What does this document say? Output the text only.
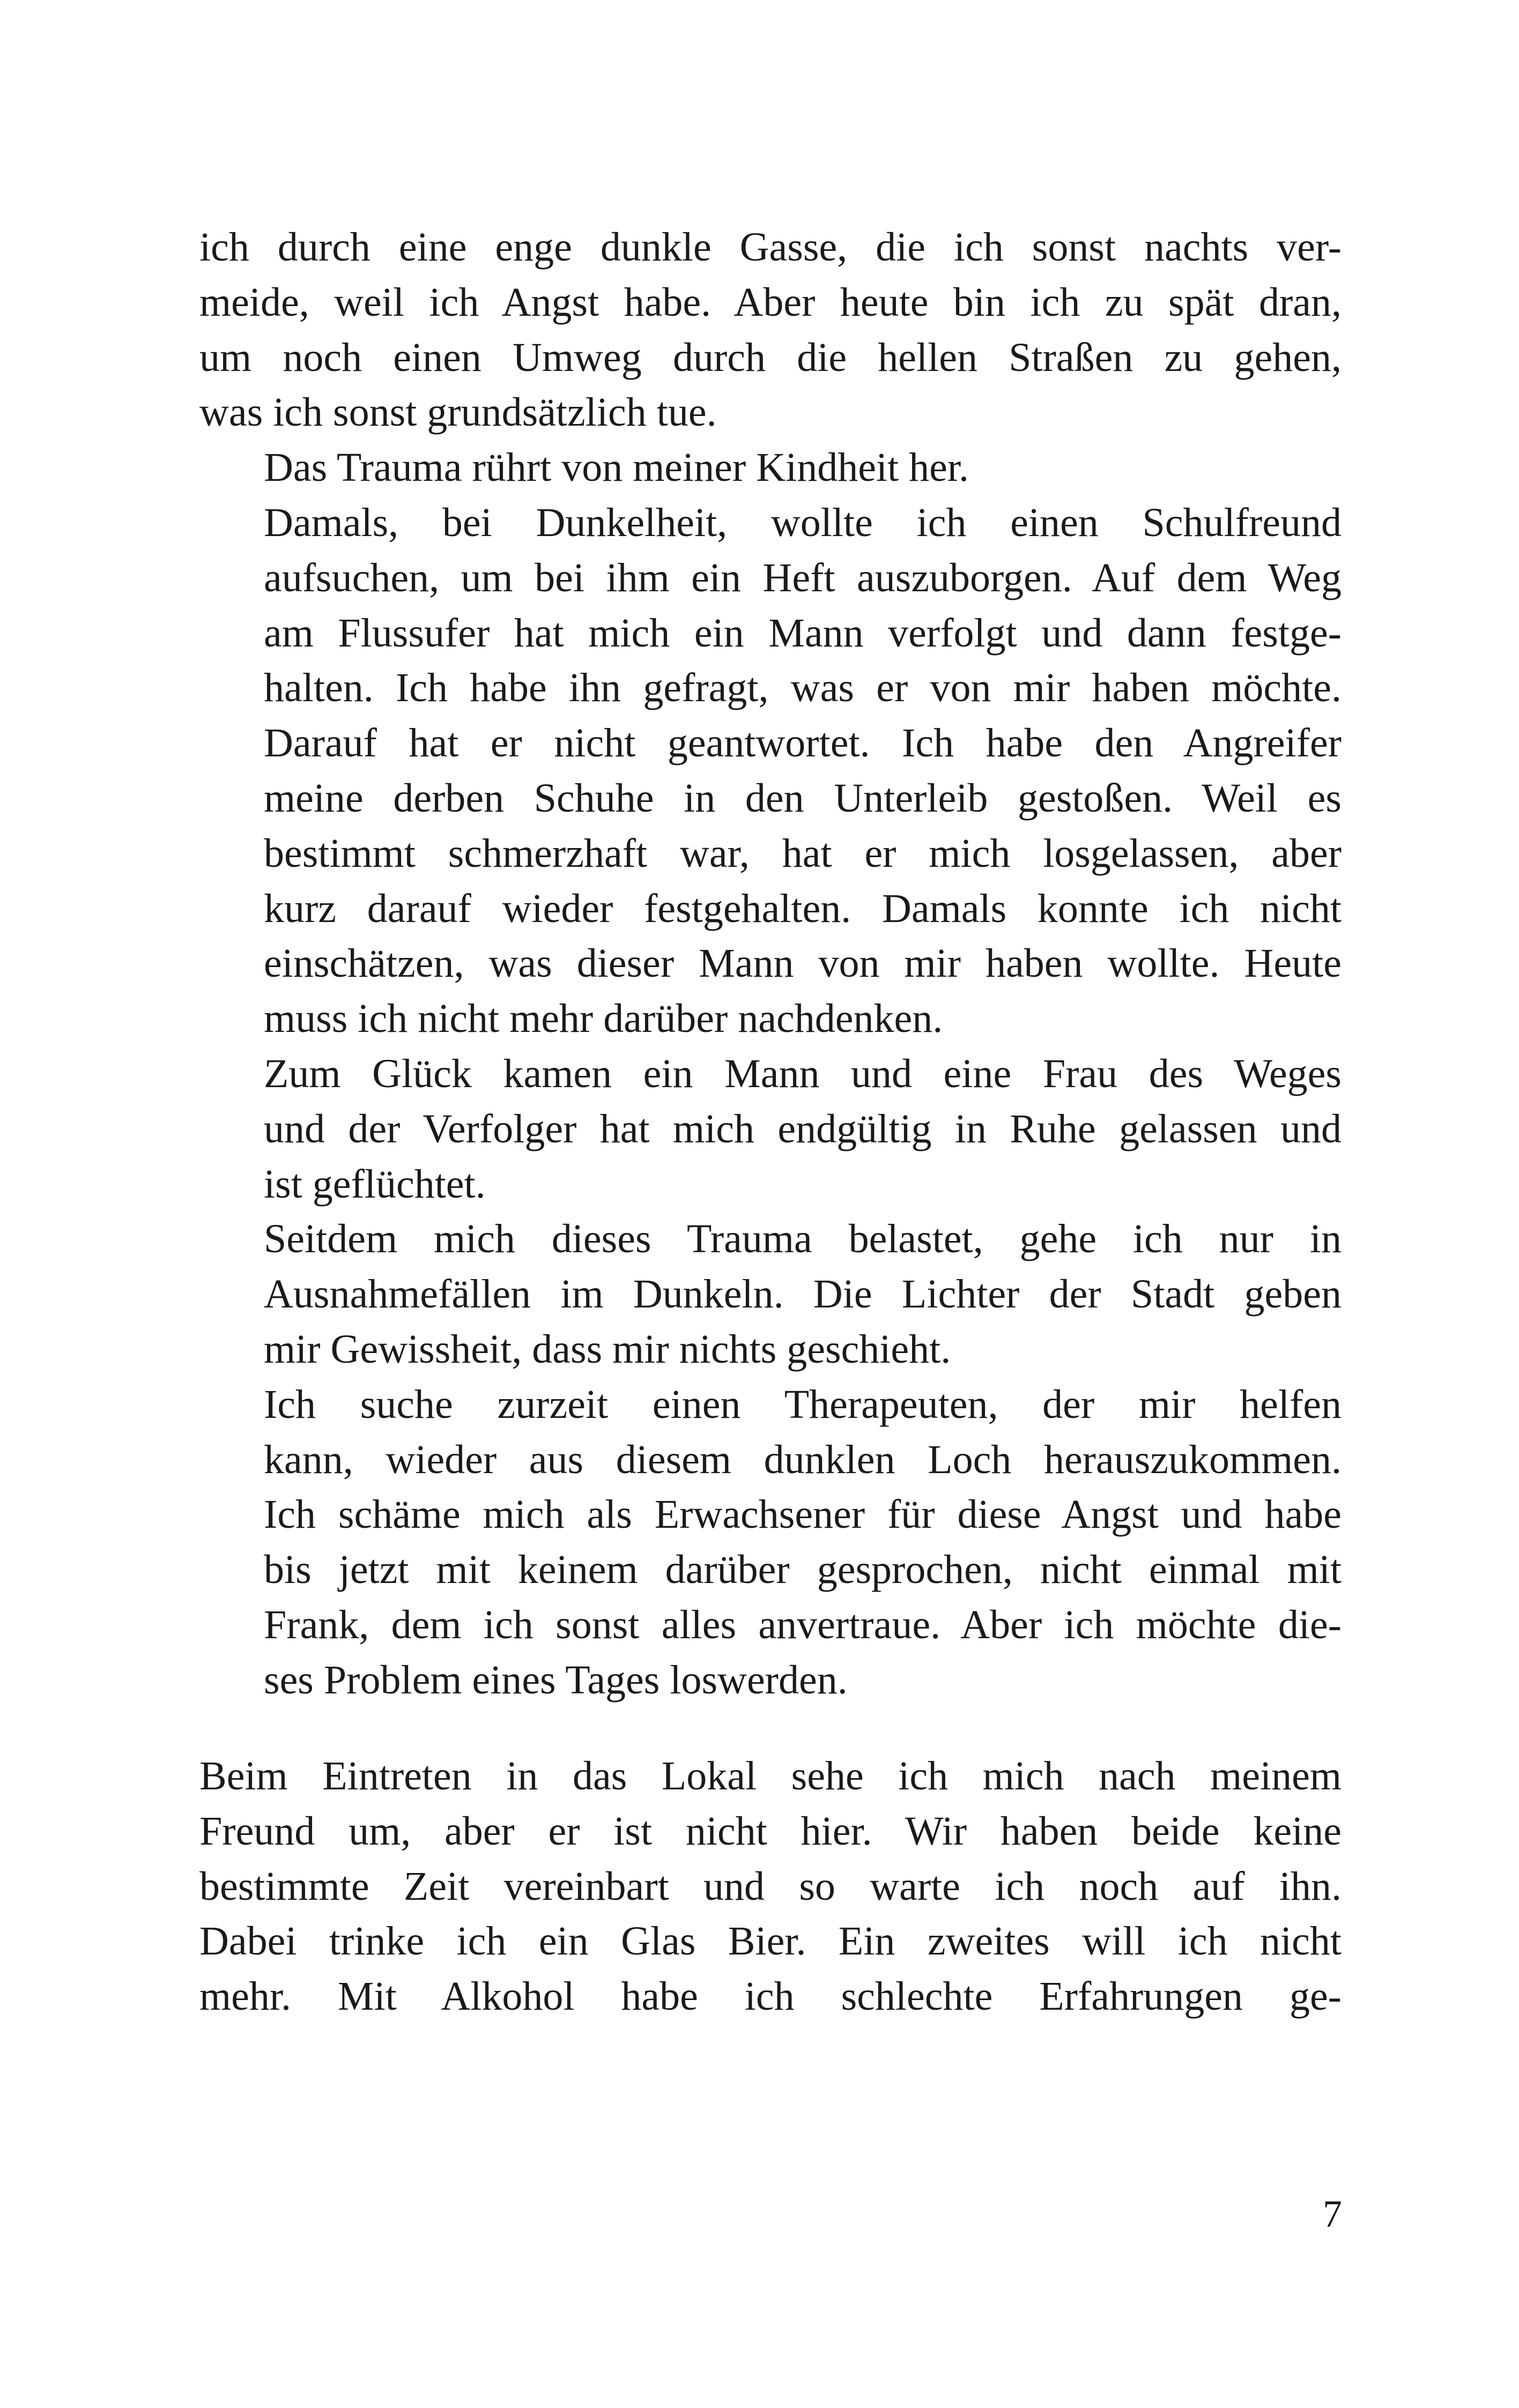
ich durch eine enge dunkle Gasse, die ich sonst nachts ver-
meide, weil ich Angst habe. Aber heute bin ich zu spät dran,
um noch einen Umweg durch die hellen Straßen zu gehen,
was ich sonst grundsätzlich tue.

Das Trauma rührt von meiner Kindheit her.

Damals, bei Dunkelheit, wollte ich einen Schulfreund
aufsuchen, um bei ihm ein Heft auszuborgen. Auf dem Weg
am Flussufer hat mich ein Mann verfolgt und dann festge-
halten. Ich habe ihn gefragt, was er von mir haben möchte.
Darauf hat er nicht geantwortet. Ich habe den Angreifer
meine derben Schuhe in den Unterleib gestoßen. Weil es
bestimmt schmerzhaft war, hat er mich losgelassen, aber
kurz darauf wieder festgehalten. Damals konnte ich nicht
einschätzen, was dieser Mann von mir haben wollte. Heute
muss ich nicht mehr darüber nachdenken.

Zum Glück kamen ein Mann und eine Frau des Weges
und der Verfolger hat mich endgültig in Ruhe gelassen und
ist geflüchtet.

Seitdem mich dieses Trauma belastet, gehe ich nur in
Ausnahmefällen im Dunkeln. Die Lichter der Stadt geben
mir Gewissheit, dass mir nichts geschieht.

Ich suche zurzeit einen Therapeuten, der mir helfen
kann, wieder aus diesem dunklen Loch herauszukommen.
Ich schäme mich als Erwachsener für diese Angst und habe
bis jetzt mit keinem darüber gesprochen, nicht einmal mit
Frank, dem ich sonst alles anvertraue. Aber ich möchte die-
ses Problem eines Tages loswerden.

Beim Eintreten in das Lokal sehe ich mich nach meinem
Freund um, aber er ist nicht hier. Wir haben beide keine
bestimmte Zeit vereinbart und so warte ich noch auf ihn.
Dabei trinke ich ein Glas Bier. Ein zweites will ich nicht
mehr. Mit Alkohol habe ich schlechte Erfahrungen ge-

7
